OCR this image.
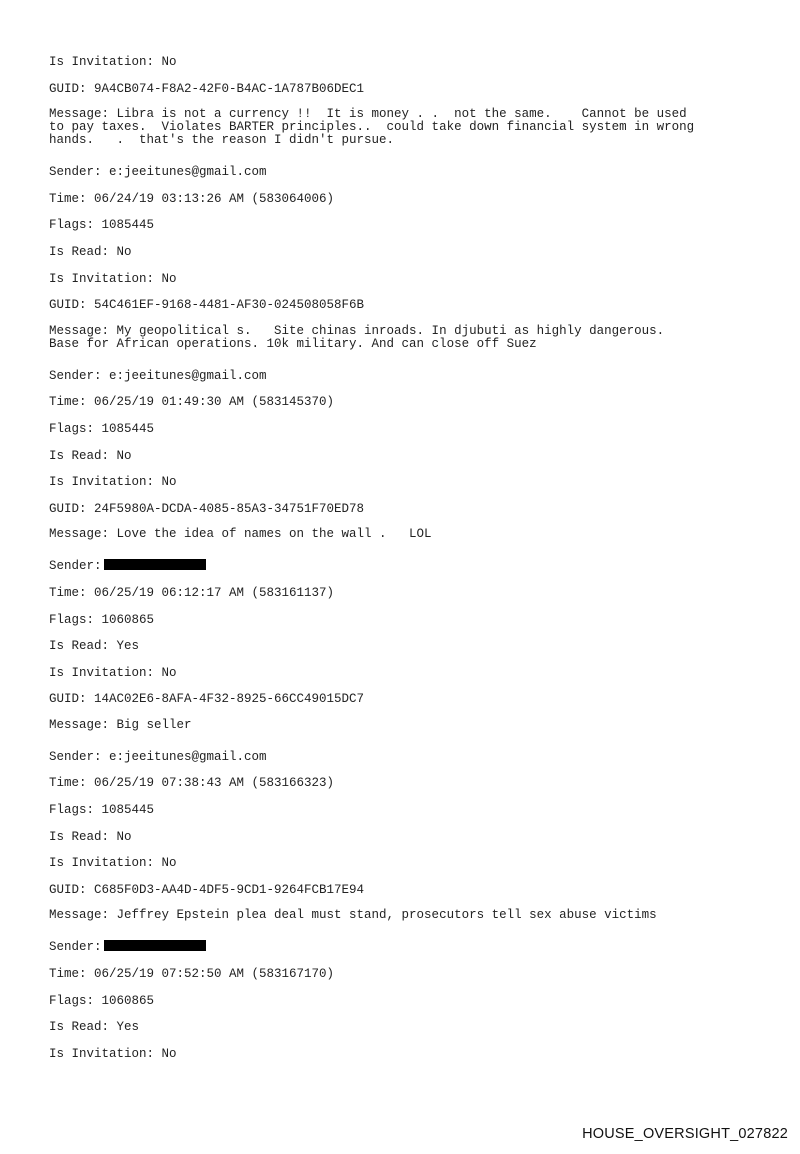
Is Invitation: No
GUID: 9A4CB074-F8A2-42F0-B4AC-1A787B06DEC1
Message: Libra is not a currency !!  It is money . .  not the same.    Cannot be used
to pay taxes.  Violates BARTER principles..  could take down financial system in wrong
hands.   .  that's the reason I didn't pursue.
Sender: e:jeeitunes@gmail.com
Time: 06/24/19 03:13:26 AM (583064006)
Flags: 1085445
Is Read: No
Is Invitation: No
GUID: 54C461EF-9168-4481-AF30-024508058F6B
Message: My geopolitical s.   Site chinas inroads. In djubuti as highly dangerous.
Base for African operations. 10k military. And can close off Suez
Sender: e:jeeitunes@gmail.com
Time: 06/25/19 01:49:30 AM (583145370)
Flags: 1085445
Is Read: No
Is Invitation: No
GUID: 24F5980A-DCDA-4085-85A3-34751F70ED78
Message: Love the idea of names on the wall .   LOL
Sender:
Time: 06/25/19 06:12:17 AM (583161137)
Flags: 1060865
Is Read: Yes
Is Invitation: No
GUID: 14AC02E6-8AFA-4F32-8925-66CC49015DC7
Message: Big seller
Sender: e:jeeitunes@gmail.com
Time: 06/25/19 07:38:43 AM (583166323)
Flags: 1085445
Is Read: No
Is Invitation: No
GUID: C685F0D3-AA4D-4DF5-9CD1-9264FCB17E94
Message: Jeffrey Epstein plea deal must stand, prosecutors tell sex abuse victims
Sender:
Time: 06/25/19 07:52:50 AM (583167170)
Flags: 1060865
Is Read: Yes
Is Invitation: No
HOUSE_OVERSIGHT_027822
